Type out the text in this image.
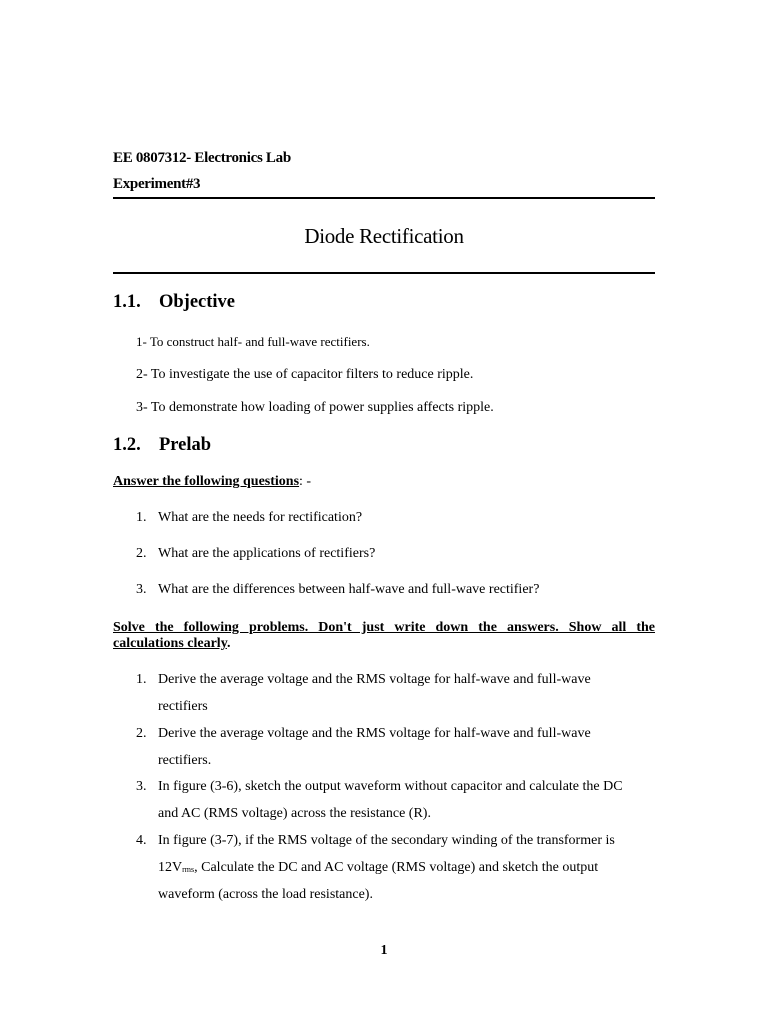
EE 0807312- Electronics Lab
Experiment#3
Diode Rectification
1.1. Objective
1- To construct half- and full-wave rectifiers.
2- To investigate the use of capacitor filters to reduce ripple.
3- To demonstrate how loading of power supplies affects ripple.
1.2. Prelab
Answer the following questions: -
1. What are the needs for rectification?
2. What are the applications of rectifiers?
3. What are the differences between half-wave and full-wave rectifier?
Solve the following problems. Don't just write down the answers. Show all the
calculations clearly.
1. Derive the average voltage and the RMS voltage for half-wave and full-wave
rectifiers
2. Derive the average voltage and the RMS voltage for half-wave and full-wave
rectifiers.
3. In figure (3-6), sketch the output waveform without capacitor and calculate the DC
and AC (RMS voltage) across the resistance (R).
4. In figure (3-7), if the RMS voltage of the secondary winding of the transformer is
$12V_{rms}$, Calculate the DC and AC voltage (RMS voltage) and sketch the output
waveform (across the load resistance).
1
